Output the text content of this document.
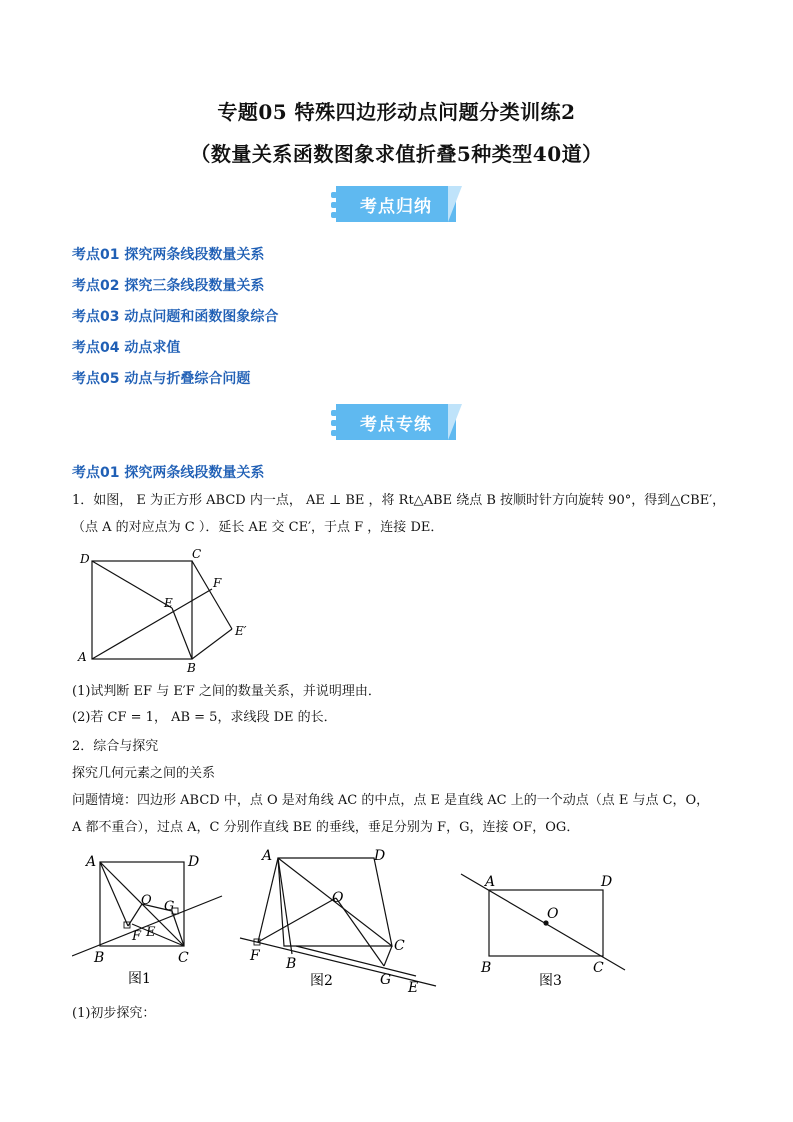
专题05 特殊四边形动点问题分类训练2
（数量关系函数图象求值折叠5种类型40道）
考点归纳
考点01 探究两条线段数量关系
考点02 探究三条线段数量关系
考点03 动点问题和函数图象综合
考点04 动点求值
考点05 动点与折叠综合问题
考点专练
考点01 探究两条线段数量关系
1．如图， E 为正方形 ABCD 内一点， AE ⊥ BE ，将 Rt△ABE 绕点 B 按顺时针方向旋转 90°，得到△CBE′，
（点 A 的对应点为 C ）．延长 AE 交 CE′，于点 F ，连接 DE．
D	C
F
E
E′
A
B
(1)试判断 EF 与 E′F 之间的数量关系，并说明理由．
(2)若 CF = 1， AB = 5，求线段 DE 的长．
2．综合与探究
探究几何元素之间的关系
问题情境：四边形 ABCD 中，点 O 是对角线 AC 的中点，点 E 是直线 AC 上的一个动点（点 E 与点 C，O，
A 都不重合），过点 A，C 分别作直线 BE 的垂线，垂足分别为 F，G，连接 OF，OG．
A	D
O G
F E
B	C
图1
A	D
O
C
F B
G E
图2
A	D
O
B	C
图3
(1)初步探究：
